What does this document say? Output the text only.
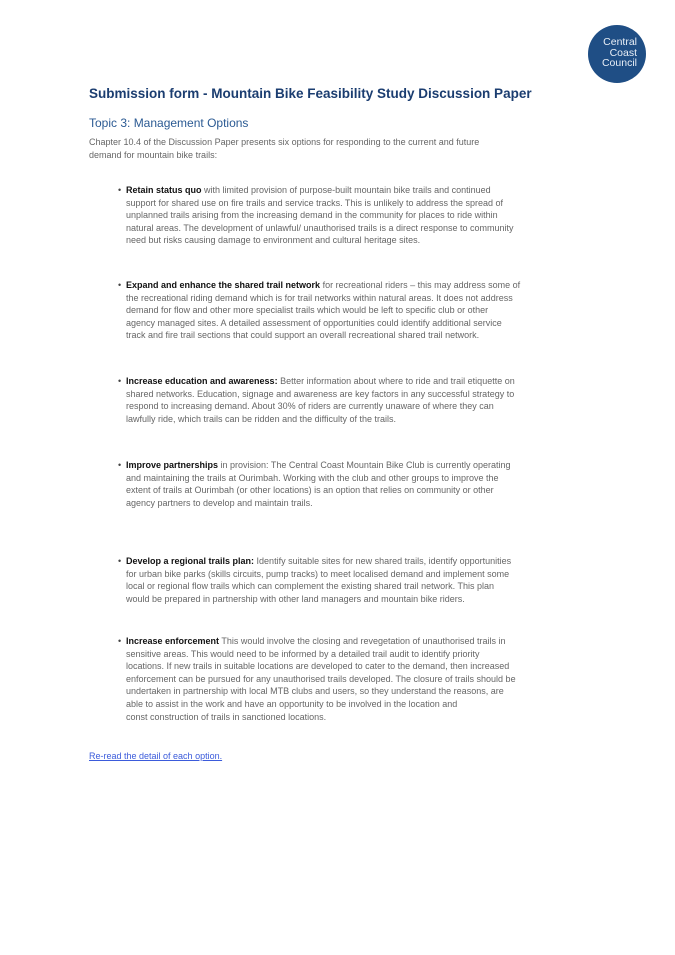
Central
Coast
Council
Submission form - Mountain Bike Feasibility Study Discussion Paper
Topic 3: Management Options
Chapter 10.4 of the Discussion Paper presents six options for responding to the current and future
demand for mountain bike trails:
• Retain status quo with limited provision of purpose-built mountain bike trails and continued
support for shared use on fire trails and service tracks. This is unlikely to address the spread of
unplanned trails arising from the increasing demand in the community for places to ride within
natural areas. The development of unlawful/ unauthorised trails is a direct response to community
need but risks causing damage to environment and cultural heritage sites.
• Expand and enhance the shared trail network for recreational riders – this may address some of
the recreational riding demand which is for trail networks within natural areas. It does not address
demand for flow and other more specialist trails which would be left to specific club or other
agency managed sites. A detailed assessment of opportunities could identify additional service
track and fire trail sections that could support an overall recreational shared trail network.
• Increase education and awareness: Better information about where to ride and trail etiquette on
shared networks. Education, signage and awareness are key factors in any successful strategy to
respond to increasing demand. About 30% of riders are currently unaware of where they can
lawfully ride, which trails can be ridden and the difficulty of the trails.
• Improve partnerships in provision: The Central Coast Mountain Bike Club is currently operating
and maintaining the trails at Ourimbah. Working with the club and other groups to improve the
extent of trails at Ourimbah (or other locations) is an option that relies on community or other
agency partners to develop and maintain trails.
• Develop a regional trails plan: Identify suitable sites for new shared trails, identify opportunities
for urban bike parks (skills circuits, pump tracks) to meet localised demand and implement some
local or regional flow trails which can complement the existing shared trail network. This plan
would be prepared in partnership with other land managers and mountain bike riders.
• Increase enforcement This would involve the closing and revegetation of unauthorised trails in
sensitive areas. This would need to be informed by a detailed trail audit to identify priority
locations. If new trails in suitable locations are developed to cater to the demand, then increased
enforcement can be pursued for any unauthorised trails developed. The closure of trails should be
undertaken in partnership with local MTB clubs and users, so they understand the reasons, are
able to assist in the work and have an opportunity to be involved in the location and
const construction of trails in sanctioned locations.
Re-read the detail of each option.
